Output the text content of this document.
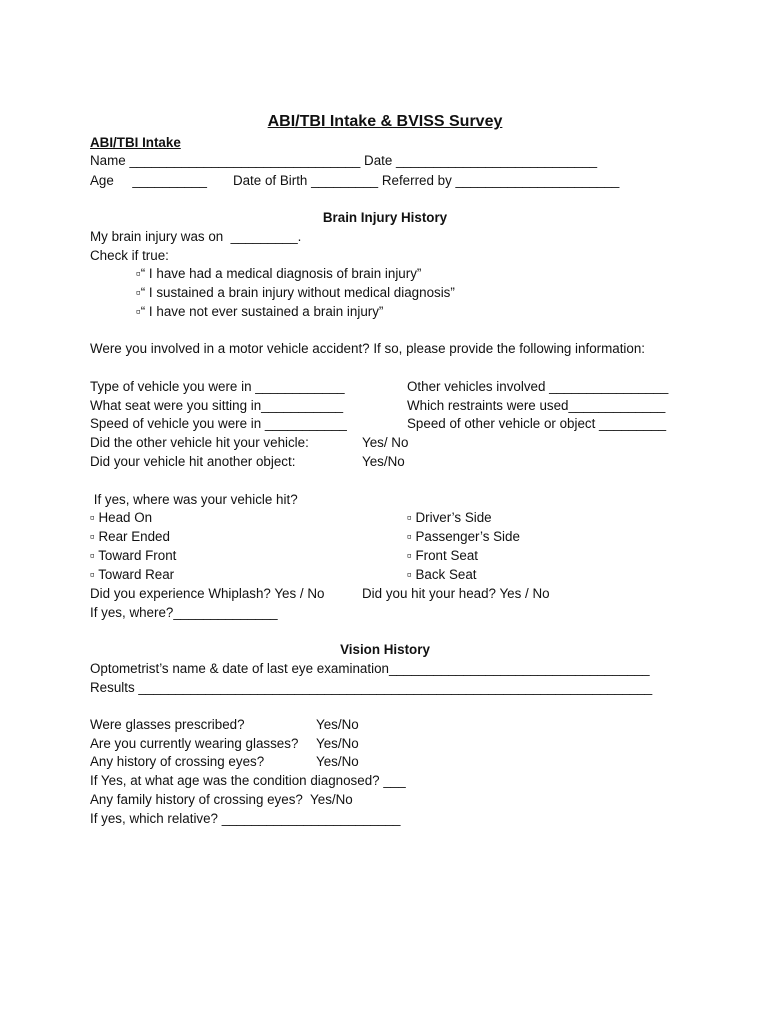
ABI/TBI Intake & BVISS Survey
ABI/TBI Intake
Name _______________________________ Date ___________________________
Age     __________       Date of Birth _________ Referred by ______________________
Brain Injury History
My brain injury was on  _________.
Check if true:
▫“ I have had a medical diagnosis of brain injury”
▫“ I sustained a brain injury without medical diagnosis”
▫“ I have not ever sustained a brain injury”
Were you involved in a motor vehicle accident? If so, please provide the following information:
Type of vehicle you were in ____________
What seat were you sitting in___________
Speed of vehicle you were in ___________
Did the other vehicle hit your vehicle:
Did your vehicle hit another object:
Other vehicles involved ________________
Which restraints were used_____________
Speed of other vehicle or object _________
Yes/ No
Yes/No
If yes, where was your vehicle hit?
▫ Head On
▫ Rear Ended
▫ Toward Front
▫ Toward Rear
▫ Driver’s Side
▫ Passenger’s Side
▫ Front Seat
▫ Back Seat
Did you experience Whiplash? Yes / No	Did you hit your head? Yes / No
If yes, where?______________
Vision History
Optometrist’s name & date of last eye examination___________________________________
Results _____________________________________________________________________
Were glasses prescribed?
Are you currently wearing glasses?
Any history of crossing eyes?
Yes/No
Yes/No
Yes/No
If Yes, at what age was the condition diagnosed? ___
Any family history of crossing eyes?  Yes/No
If yes, which relative? ________________________
